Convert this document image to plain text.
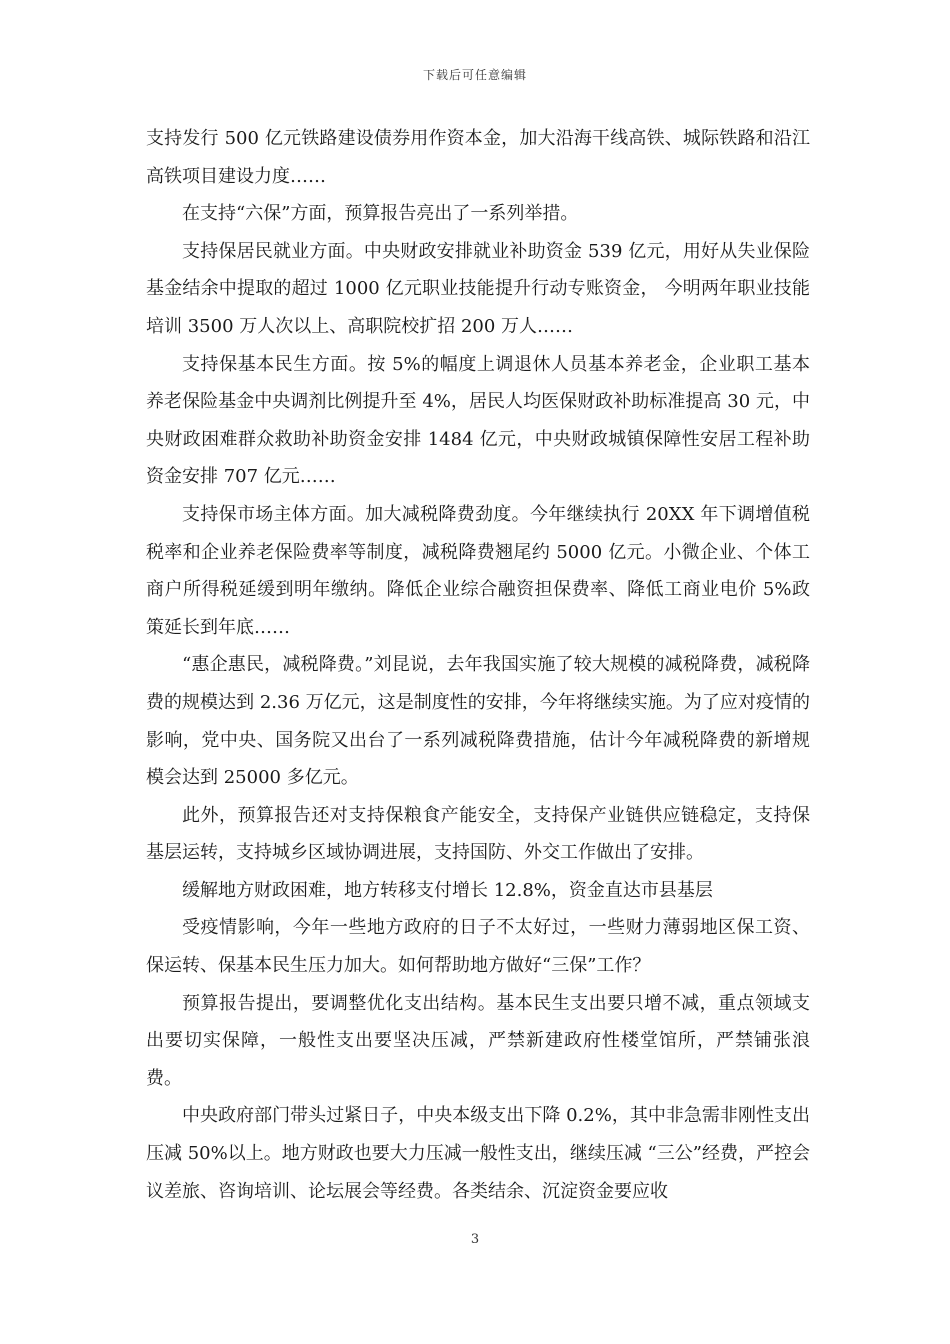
下载后可任意编辑

支持发行 500 亿元铁路建设债券用作资本金，加大沿海干线高铁、城际铁路和沿江高铁项目建设力度……

在支持“六保”方面，预算报告亮出了一系列举措。

支持保居民就业方面。中央财政安排就业补助资金 539 亿元，用好从失业保险基金结余中提取的超过 1000 亿元职业技能提升行动专账资金， 今明两年职业技能培训 3500 万人次以上、高职院校扩招 200 万人……

支持保基本民生方面。按 5%的幅度上调退休人员基本养老金，企业职工基本养老保险基金中央调剂比例提升至 4%，居民人均医保财政补助标准提高 30 元，中央财政困难群众救助补助资金安排 1484 亿元，中央财政城镇保障性安居工程补助资金安排 707 亿元……

支持保市场主体方面。加大减税降费劲度。今年继续执行 20XX 年下调增值税税率和企业养老保险费率等制度，减税降费翘尾约 5000 亿元。小微企业、个体工商户所得税延缓到明年缴纳。降低企业综合融资担保费率、降低工商业电价 5%政策延长到年底……

“惠企惠民，减税降费。”刘昆说，去年我国实施了较大规模的减税降费，减税降费的规模达到 2.36 万亿元，这是制度性的安排，今年将继续实施。为了应对疫情的影响，党中央、国务院又出台了一系列减税降费措施，估计今年减税降费的新增规模会达到 25000 多亿元。

此外，预算报告还对支持保粮食产能安全，支持保产业链供应链稳定，支持保基层运转，支持城乡区域协调进展，支持国防、外交工作做出了安排。

缓解地方财政困难，地方转移支付增长 12.8%，资金直达市县基层

受疫情影响，今年一些地方政府的日子不太好过，一些财力薄弱地区保工资、保运转、保基本民生压力加大。如何帮助地方做好“三保”工作？

预算报告提出，要调整优化支出结构。基本民生支出要只增不减，重点领域支出要切实保障，一般性支出要坚决压减，严禁新建政府性楼堂馆所，严禁铺张浪费。

中央政府部门带头过紧日子，中央本级支出下降 0.2%，其中非急需非刚性支出压减 50%以上。地方财政也要大力压减一般性支出，继续压减 “三公”经费，严控会议差旅、咨询培训、论坛展会等经费。各类结余、沉淀资金要应收

3
